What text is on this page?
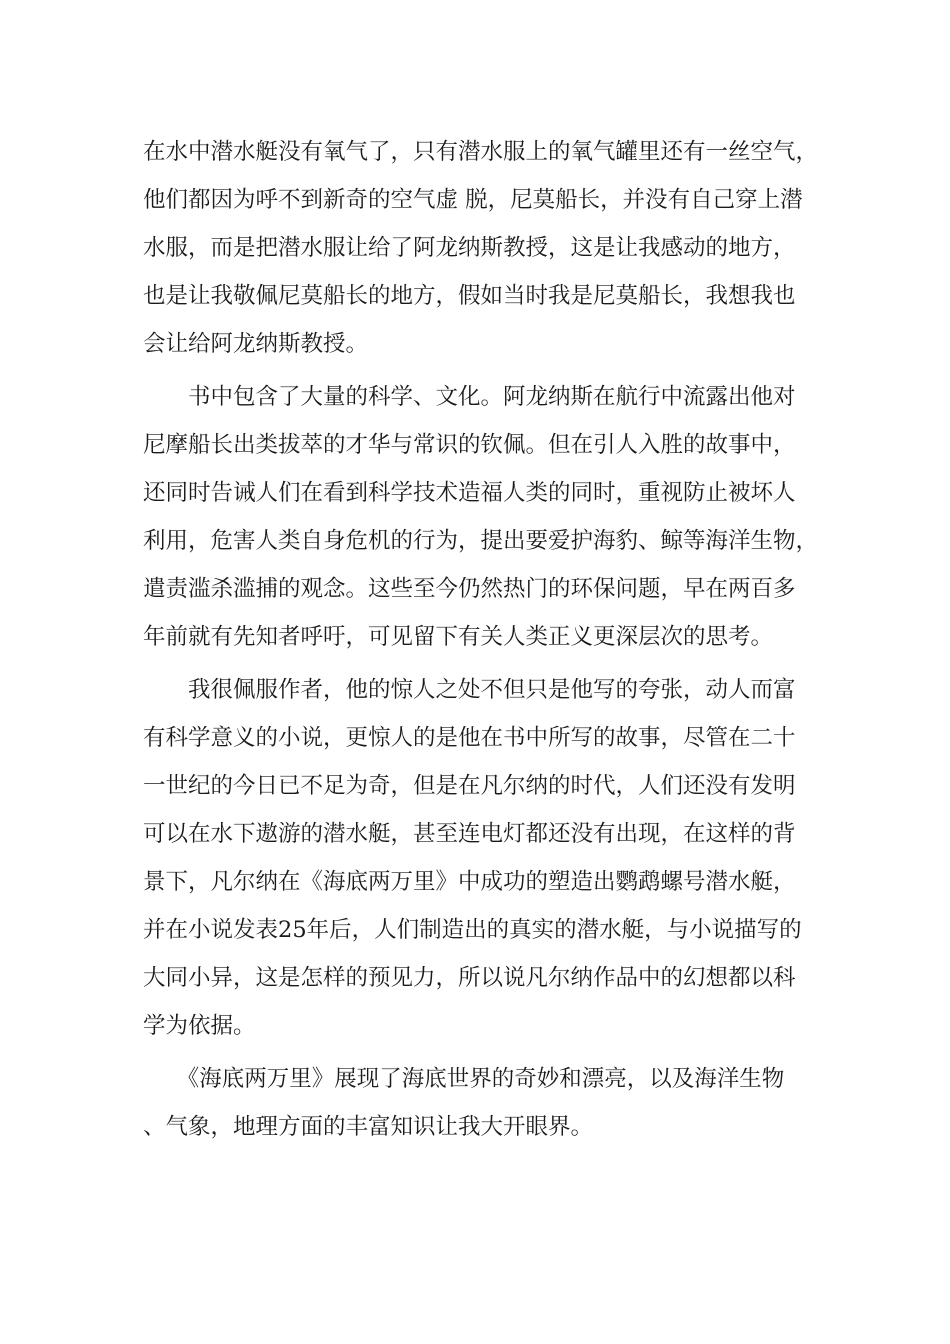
在水中潜水艇没有氧气了，只有潜水服上的氧气罐里还有一丝空气，
他们都因为呼不到新奇的空气虚 脱，尼莫船长，并没有自己穿上潜
水服，而是把潜水服让给了阿龙纳斯教授，这是让我感动的地方，
也是让我敬佩尼莫船长的地方，假如当时我是尼莫船长，我想我也
会让给阿龙纳斯教授。
　　书中包含了大量的科学、文化。阿龙纳斯在航行中流露出他对
尼摩船长出类拔萃的才华与常识的钦佩。但在引人入胜的故事中，
还同时告诫人们在看到科学技术造福人类的同时，重视防止被坏人
利用，危害人类自身危机的行为，提出要爱护海豹、鲸等海洋生物，
遣责滥杀滥捕的观念。这些至今仍然热门的环保问题，早在两百多
年前就有先知者呼吁，可见留下有关人类正义更深层次的思考。
　　我很佩服作者，他的惊人之处不但只是他写的夸张，动人而富
有科学意义的小说，更惊人的是他在书中所写的故事，尽管在二十
一世纪的今日已不足为奇，但是在凡尔纳的时代，人们还没有发明
可以在水下遨游的潜水艇，甚至连电灯都还没有出现，在这样的背
景下，凡尔纳在《海底两万里》中成功的塑造出鹦鹉螺号潜水艇，
并在小说发表25年后，人们制造出的真实的潜水艇，与小说描写的
大同小异，这是怎样的预见力，所以说凡尔纳作品中的幻想都以科
学为依据。
　　《海底两万里》展现了海底世界的奇妙和漂亮，以及海洋生物
、气象，地理方面的丰富知识让我大开眼界。
